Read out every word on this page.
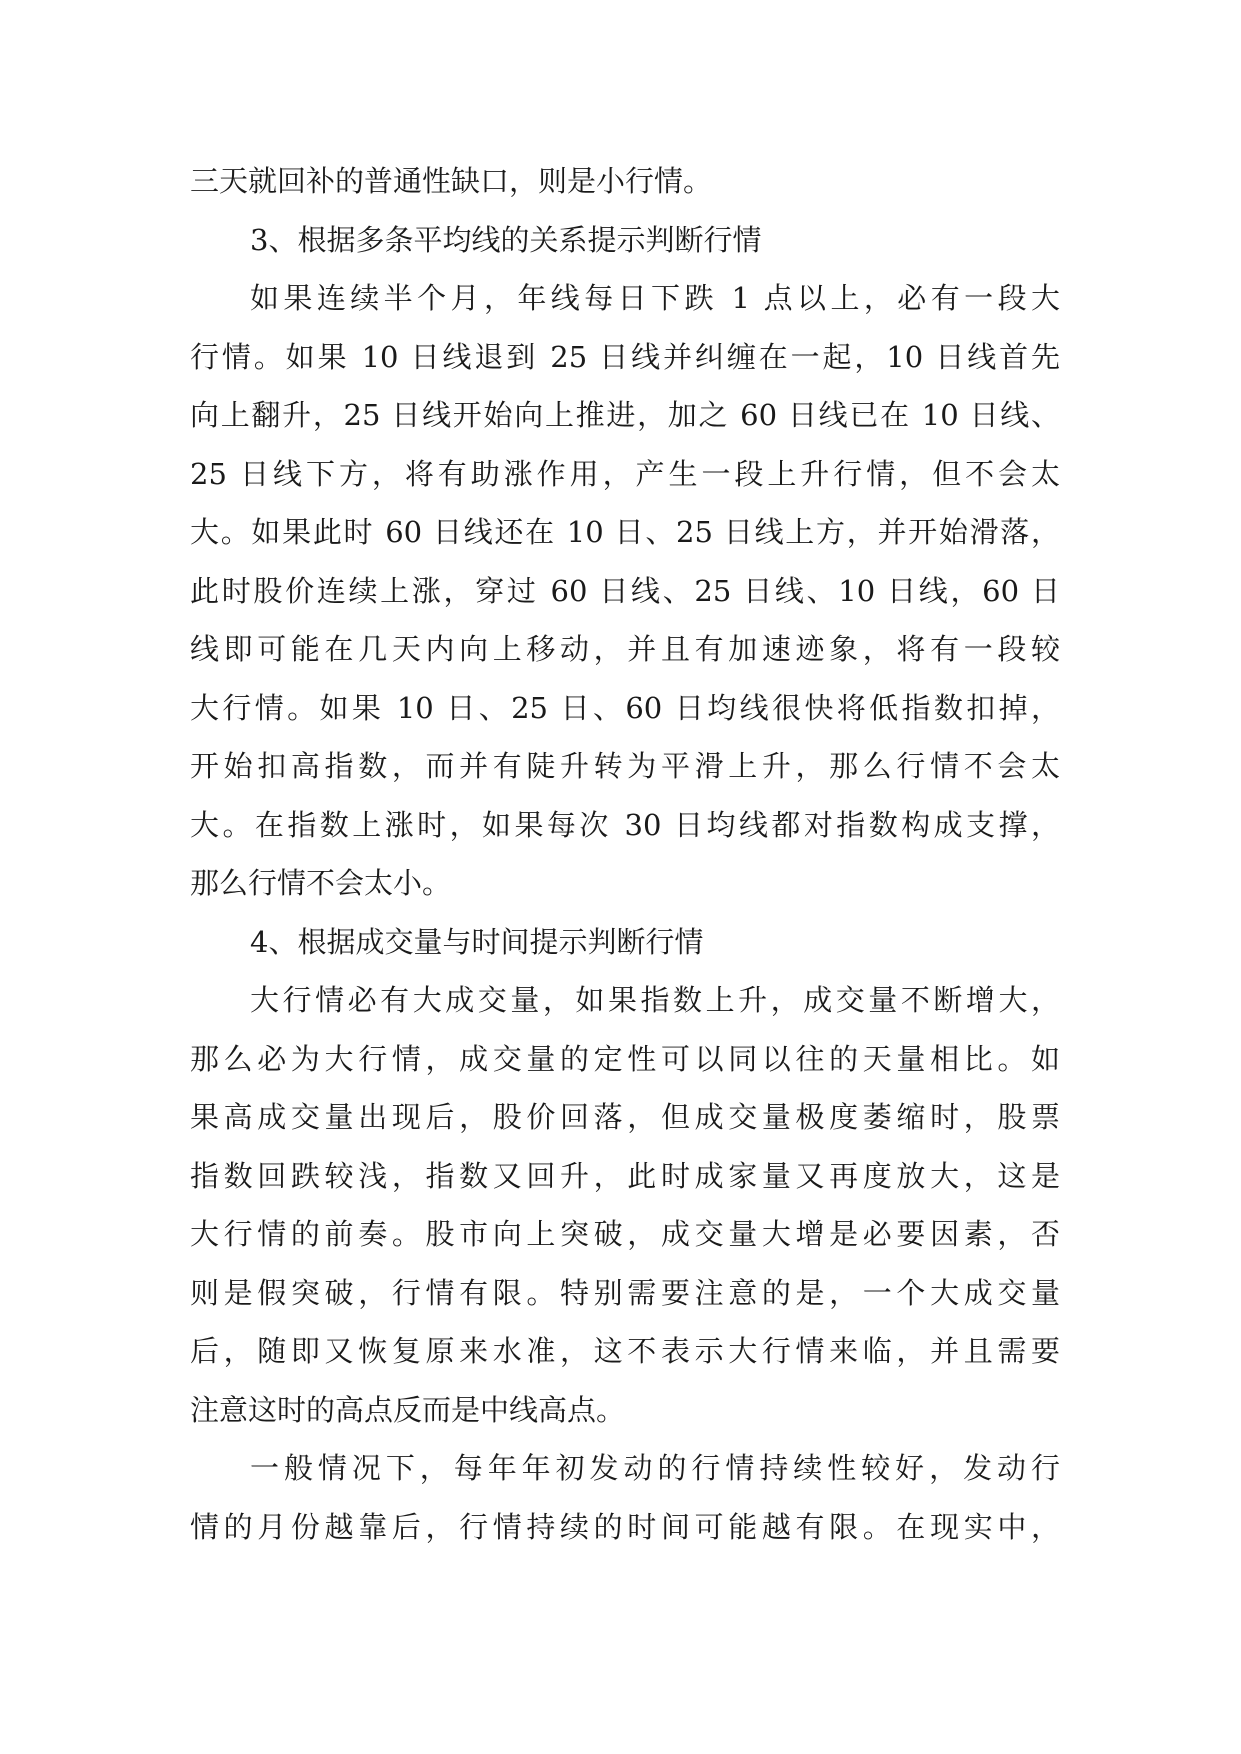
三天就回补的普通性缺口，则是小行情。
3、根据多条平均线的关系提示判断行情
如果连续半个月，年线每日下跌 1 点以上，必有一段大
行情。如果 10 日线退到 25 日线并纠缠在一起，10 日线首先
向上翻升，25 日线开始向上推进，加之 60 日线已在 10 日线、
25 日线下方，将有助涨作用，产生一段上升行情，但不会太
大。如果此时 60 日线还在 10 日、25 日线上方，并开始滑落，
此时股价连续上涨，穿过 60 日线、25 日线、10 日线，60 日
线即可能在几天内向上移动，并且有加速迹象，将有一段较
大行情。如果 10 日、25 日、60 日均线很快将低指数扣掉，
开始扣高指数，而并有陡升转为平滑上升，那么行情不会太
大。在指数上涨时，如果每次 30 日均线都对指数构成支撑，
那么行情不会太小。
4、根据成交量与时间提示判断行情
大行情必有大成交量，如果指数上升，成交量不断增大，
那么必为大行情，成交量的定性可以同以往的天量相比。如
果高成交量出现后，股价回落，但成交量极度萎缩时，股票
指数回跌较浅，指数又回升，此时成家量又再度放大，这是
大行情的前奏。股市向上突破，成交量大增是必要因素，否
则是假突破，行情有限。特别需要注意的是，一个大成交量
后，随即又恢复原来水准，这不表示大行情来临，并且需要
注意这时的高点反而是中线高点。
一般情况下，每年年初发动的行情持续性较好，发动行
情的月份越靠后，行情持续的时间可能越有限。在现实中，
